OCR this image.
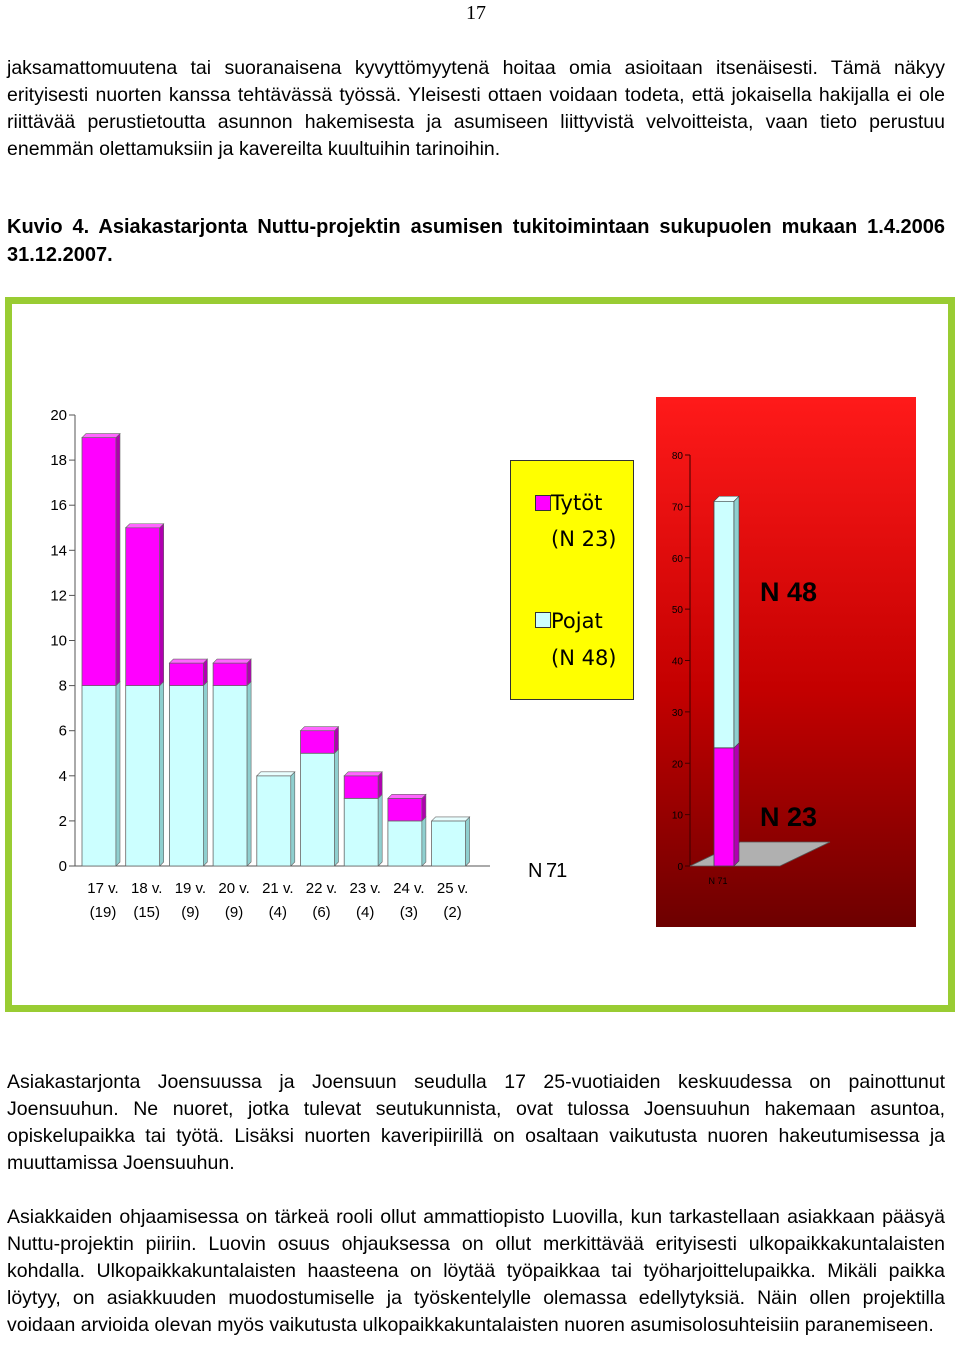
17

jaksamattomuutena tai suoranaisena kyvyttömyytenä hoitaa omia asioitaan itsenäisesti. Tämä näkyy erityisesti nuorten kanssa tehtävässä työssä. Yleisesti ottaen voidaan todeta, että jokaisella hakijalla ei ole riittävää perustietoutta asunnon hakemisesta ja asumiseen liittyvistä velvoitteista, vaan tieto perustuu enemmän olettamuksiin ja kavereilta kuultuihin tarinoihin.

Kuvio 4. Asiakastarjonta Nuttu-projektin asumisen tukitoimintaan sukupuolen mukaan 1.4.2006 31.12.2007.

0
2
4
6
8
10
12
14
16
18
20
17 v.
(19)
18 v.
(15)
19 v.
(9)
20 v.
(9)
21 v.
(4)
22 v.
(6)
23 v.
(4)
24 v.
(3)
25 v.
(2)
Tytöt
(N 23)
Pojat
(N 48)
N 71	0
10
20
30
40
50
60
70
80
N 71
N 48
N 23

Asiakastarjonta Joensuussa ja Joensuun seudulla 17 25-vuotiaiden keskuudessa on painottunut Joensuuhun. Ne nuoret, jotka tulevat seutukunnista, ovat tulossa Joensuuhun hakemaan asuntoa, opiskelupaikka tai työtä. Lisäksi nuorten kaveripiirillä on osaltaan vaikutusta nuoren hakeutumisessa ja muuttamissa Joensuuhun.

Asiakkaiden ohjaamisessa on tärkeä rooli ollut ammattiopisto Luovilla, kun tarkastellaan asiakkaan pääsyä Nuttu-projektin piiriin. Luovin osuus ohjauksessa on ollut merkittävää erityisesti ulkopaikkakuntalaisten kohdalla. Ulkopaikkakuntalaisten haasteena on löytää työpaikkaa tai työharjoittelupaikka. Mikäli paikka löytyy, on asiakkuuden muodostumiselle ja työskentelylle olemassa edellytyksiä. Näin ollen projektilla voidaan arvioida olevan myös vaikutusta ulkopaikkakuntalaisten nuoren asumisolosuhteisiin paranemiseen.
